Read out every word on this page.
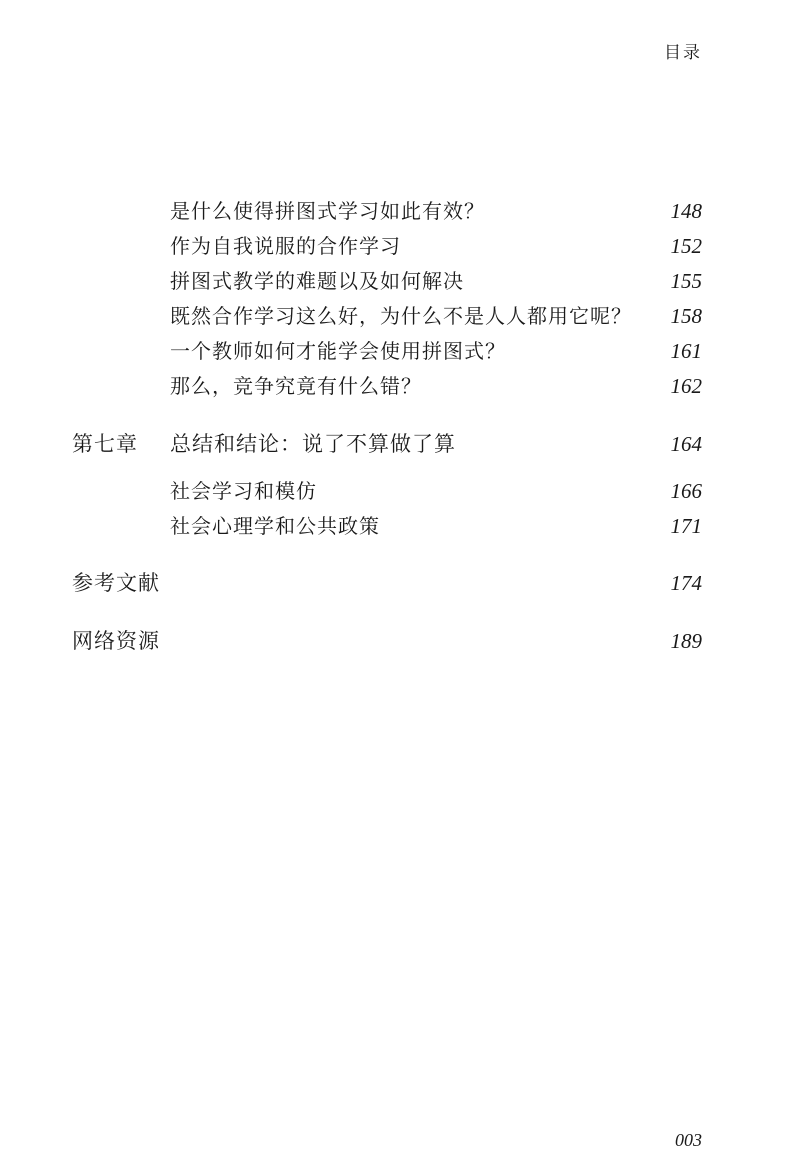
目录
是什么使得拼图式学习如此有效？	148
作为自我说服的合作学习	152
拼图式教学的难题以及如何解决	155
既然合作学习这么好，为什么不是人人都用它呢？ 158
一个教师如何才能学会使用拼图式？	161
那么，竞争究竟有什么错？	162
第七章 总结和结论：说了不算做了算	164
社会学习和模仿	166
社会心理学和公共政策	171
参考文献	174
网络资源	189
003
